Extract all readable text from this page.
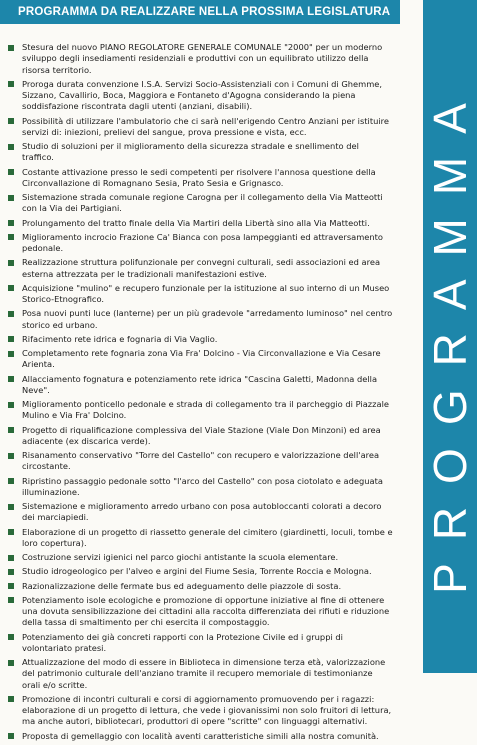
PROGRAMMA DA REALIZZARE NELLA PROSSIMA LEGISLATURA
PROGRAMMA
Stesura del nuovo PIANO REGOLATORE GENERALE COMUNALE "2000" per un moderno sviluppo degli insediamenti residenziali e produttivi con un equilibrato utilizzo della risorsa territorio.
Proroga durata convenzione I.S.A. Servizi Socio-Assistenziali con i Comuni di Ghemme, Sizzano, Cavallirio, Boca, Maggiora e Fontaneto d'Agogna considerando la piena soddisfazione riscontrata dagli utenti (anziani, disabili).
Possibilità di utilizzare l'ambulatorio che ci sarà nell'erigendo Centro Anziani per istituire servizi di: iniezioni, prelievi del sangue, prova pressione e vista, ecc.
Studio di soluzioni per il miglioramento della sicurezza stradale e snellimento del traffico.
Costante attivazione presso le sedi competenti per risolvere l'annosa questione della Circonvallazione di Romagnano Sesia, Prato Sesia e Grignasco.
Sistemazione strada comunale regione Carogna per il collegamento della Via Matteotti con la Via dei Partigiani.
Prolungamento del tratto finale della Via Martiri della Libertà sino alla Via Matteotti.
Miglioramento incrocio Frazione Ca' Bianca con posa lampeggianti ed attraversamento pedonale.
Realizzazione struttura polifunzionale per convegni culturali, sedi associazioni ed area esterna attrezzata per le tradizionali manifestazioni estive.
Acquisizione "mulino" e recupero funzionale per la istituzione al suo interno di un Museo Storico-Etnografico.
Posa nuovi punti luce (lanterne) per un più gradevole "arredamento luminoso" nel centro storico ed urbano.
Rifacimento rete idrica e fognaria di Via Vaglio.
Completamento rete fognaria zona Via Fra' Dolcino - Via Circonvallazione e Via Cesare Arienta.
Allacciamento fognatura e potenziamento rete idrica "Cascina Galetti, Madonna della Neve".
Miglioramento ponticello pedonale e strada di collegamento tra il parcheggio di Piazzale Mulino e Via Fra' Dolcino.
Progetto di riqualificazione complessiva del Viale Stazione (Viale Don Minzoni) ed area adiacente (ex discarica verde).
Risanamento conservativo "Torre del Castello" con recupero e valorizzazione dell'area circostante.
Ripristino passaggio pedonale sotto "l'arco del Castello" con posa ciotolato e adeguata illuminazione.
Sistemazione e miglioramento arredo urbano con posa autobloccanti colorati a decoro dei marciapiedi.
Elaborazione di un progetto di riassetto generale del cimitero (giardinetti, loculi, tombe e loro copertura).
Costruzione servizi igienici nel parco giochi antistante la scuola elementare.
Studio idrogeologico per l'alveo e argini del Fiume Sesia, Torrente Roccia e Mologna.
Razionalizzazione delle fermate bus ed adeguamento delle piazzole di sosta.
Potenziamento isole ecologiche e promozione di opportune iniziative al fine di ottenere una dovuta sensibilizzazione dei cittadini alla raccolta differenziata dei rifiuti e riduzione della tassa di smaltimento per chi esercita il compostaggio.
Potenziamento dei già concreti rapporti con la Protezione Civile ed i gruppi di volontariato pratesi.
Attualizzazione del modo di essere in Biblioteca in dimensione terza età, valorizzazione del patrimonio culturale dell'anziano tramite il recupero memoriale di testimonianze orali e/o scritte.
Promozione di incontri culturali e corsi di aggiornamento promuovendo per i ragazzi: elaborazione di un progetto di lettura, che vede i giovanissimi non solo fruitori di lettura, ma anche autori, bibliotecari, produttori di opere "scritte" con linguaggi alternativi.
Proposta di gemellaggio con località aventi caratteristiche simili alla nostra comunità.
